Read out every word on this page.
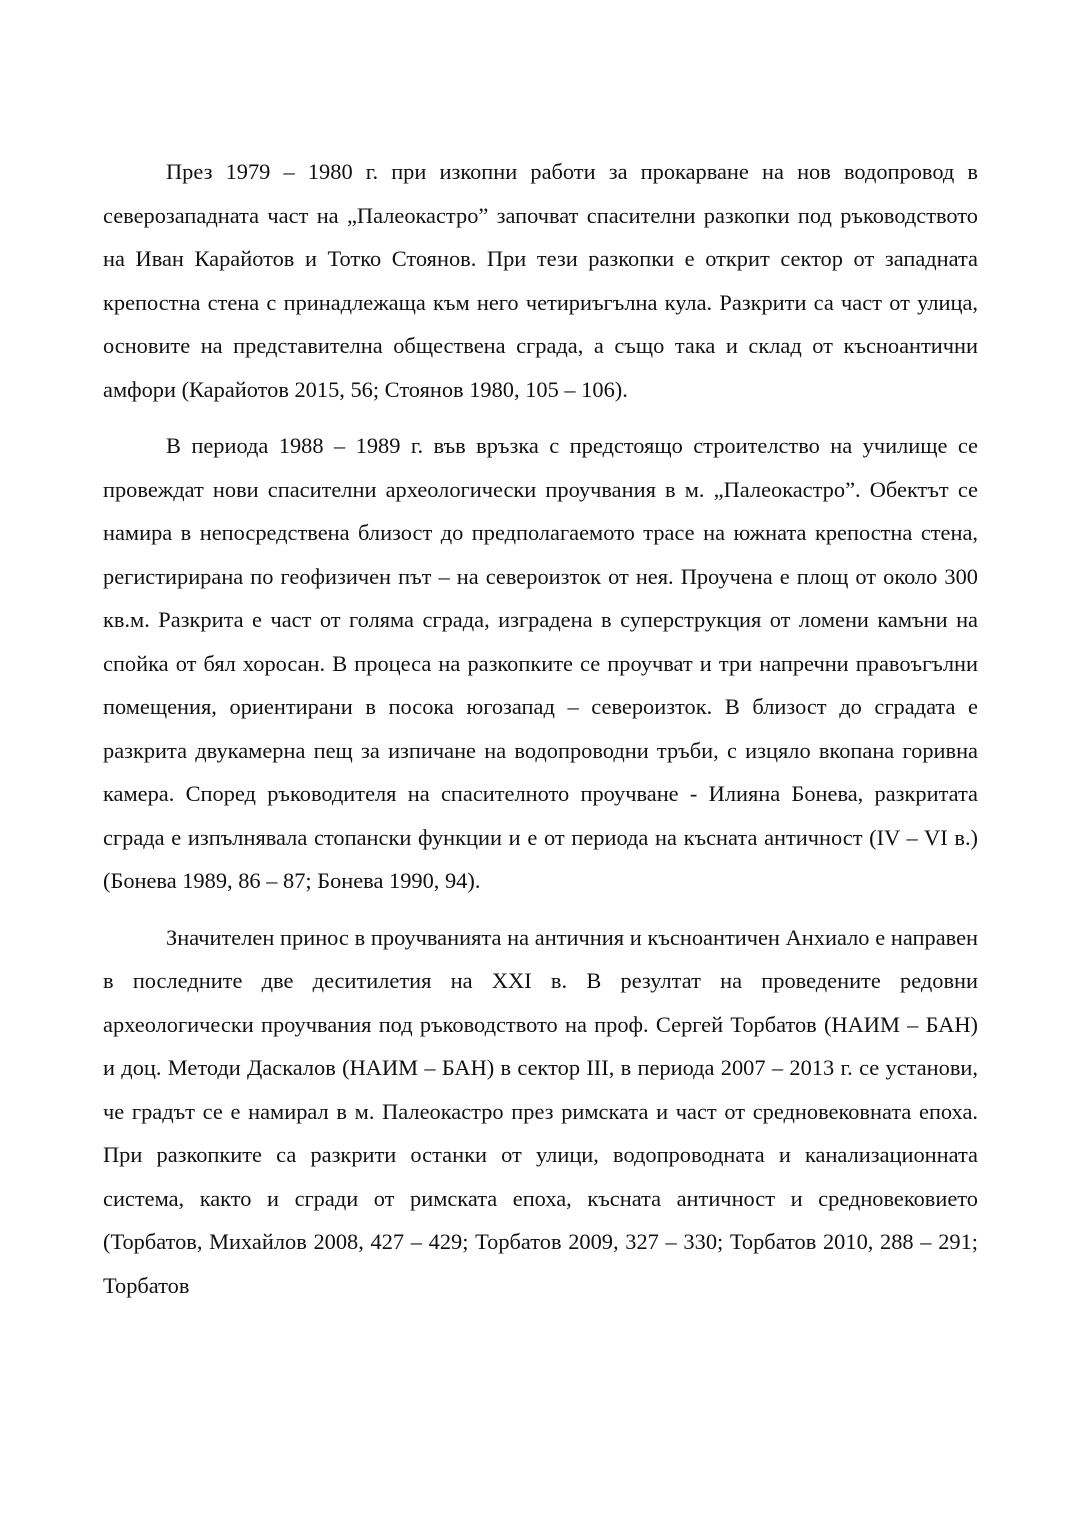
През 1979 – 1980 г. при изкопни работи за прокарване на нов водопровод в северозападната част на „Палеокастро” започват спасителни разкопки под ръководството на Иван Карайотов и Тотко Стоянов. При тези разкопки е открит сектор от западната крепостна стена с принадлежаща към него четириъгълна кула. Разкрити са част от улица, основите на представителна обществена сграда, а също така и склад от късноантични амфори (Карайотов 2015, 56; Стоянов 1980, 105 – 106).

В периода 1988 – 1989 г. във връзка с предстоящо строителство на училище се провеждат нови спасителни археологически проучвания в м. „Палеокастро”. Обектът се намира в непосредствена близост до предполагаемото трасе на южната крепостна стена, регистирирана по геофизичен път – на североизток от нея. Проучена е площ от около 300 кв.м. Разкрита е част от голяма сграда, изградена в суперструкция от ломени камъни на спойка от бял хоросан. В процеса на разкопките се проучват и три напречни правоъгълни помещения, ориентирани в посока югозапад – североизток. В близост до сградата е разкрита двукамерна пещ за изпичане на водопроводни тръби, с изцяло вкопана горивна камера. Според ръководителя на спасителното проучване - Илияна Бонева, разкритата сграда е изпълнявала стопански функции и е от периода на късната античност (IV – VI в.) (Бонева 1989, 86 – 87; Бонева 1990, 94).

Значителен принос в проучванията на античния и късноантичен Анхиало е направен в последните две деситилетия на XXI в. В резултат на проведените редовни археологически проучвания под ръководството на проф. Сергей Торбатов (НАИМ – БАН) и доц. Методи Даскалов (НАИМ – БАН) в сектор III, в периода 2007 – 2013 г. се установи, че градът се е намирал в м. Палеокастро през римската и част от средновековната епоха. При разкопките са разкрити останки от улици, водопроводната и канализационната система, както и сгради от римската епоха, късната античност и средновековието (Торбатов, Михайлов 2008, 427 – 429; Торбатов 2009, 327 – 330; Торбатов 2010, 288 – 291; Торбатов
